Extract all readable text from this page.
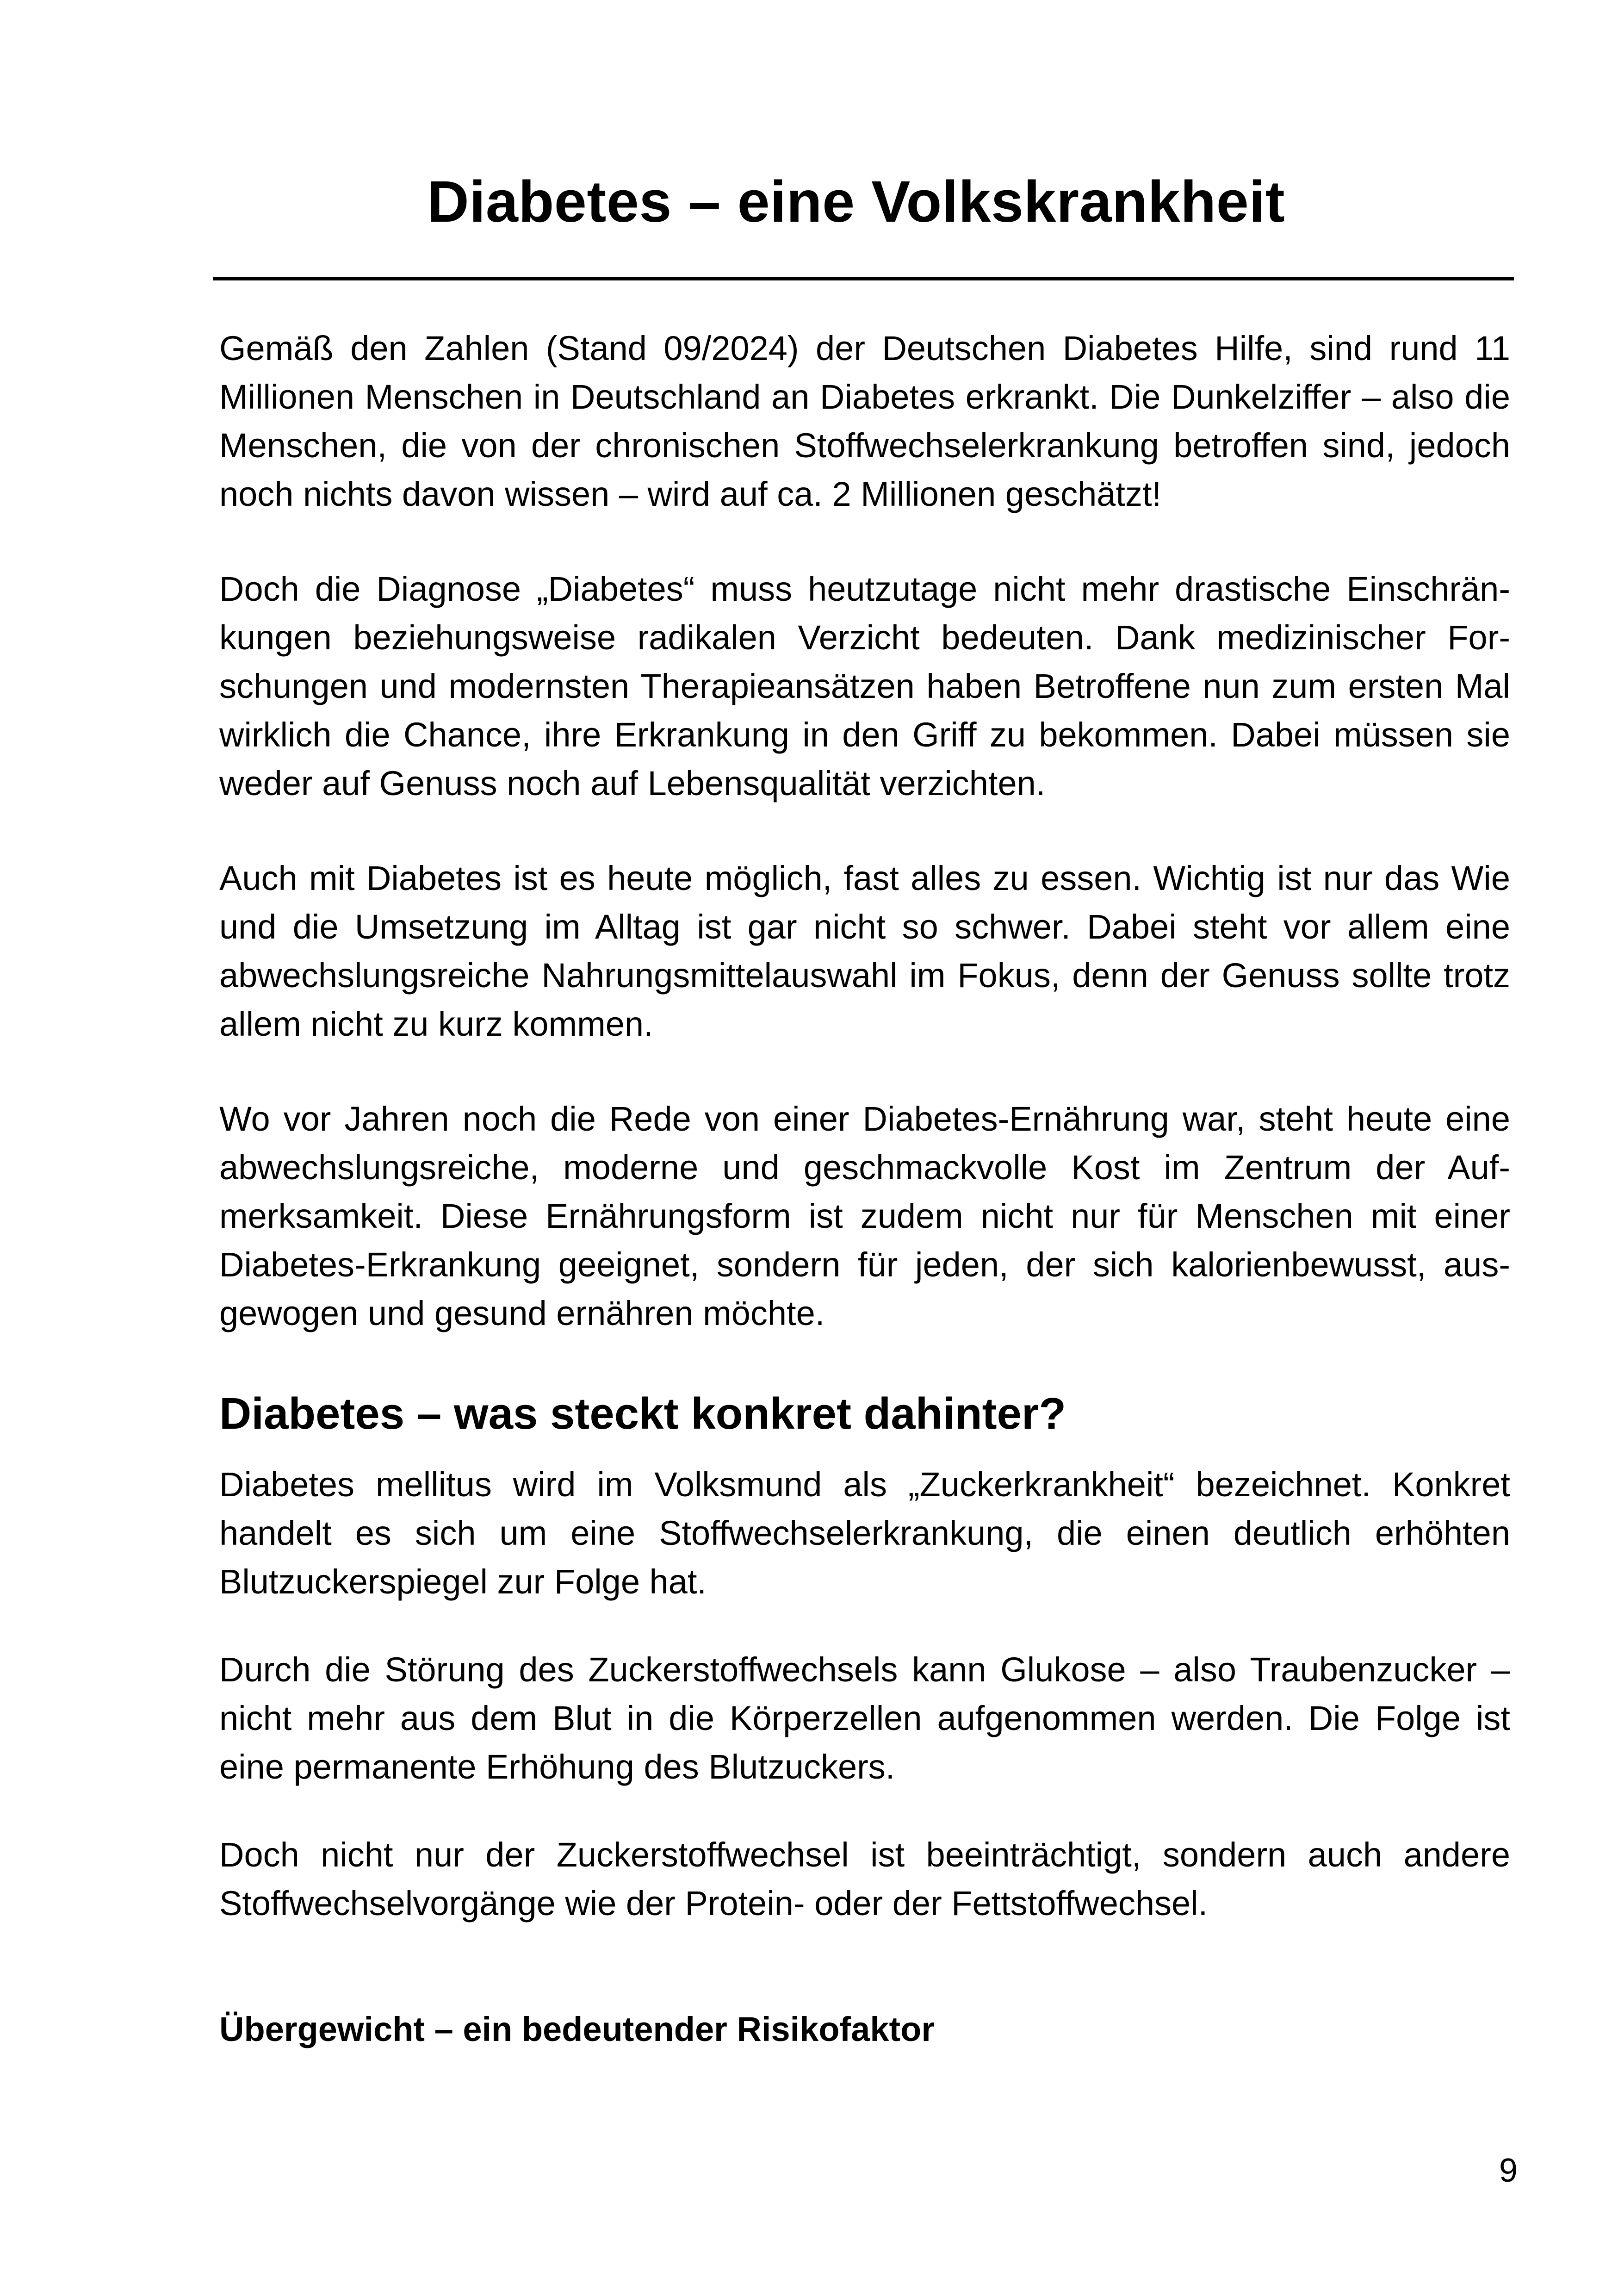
Diabetes – eine Volkskrankheit

Gemäß den Zahlen (Stand 09/2024) der Deutschen Diabetes Hilfe, sind rund 11 Millionen Menschen in Deutschland an Diabetes erkrankt. Die Dunkelziffer – also die Menschen, die von der chronischen Stoffwechselerkrankung betroffen sind, jedoch noch nichts davon wissen – wird auf ca. 2 Millionen geschätzt!

Doch die Diagnose „Diabetes“ muss heutzutage nicht mehr drastische Einschränkungen beziehungsweise radikalen Verzicht bedeuten. Dank medizinischer Forschungen und modernsten Therapieansätzen haben Betroffene nun zum ersten Mal wirklich die Chance, ihre Erkrankung in den Griff zu bekommen. Dabei müssen sie weder auf Genuss noch auf Lebensqualität verzichten.

Auch mit Diabetes ist es heute möglich, fast alles zu essen. Wichtig ist nur das Wie und die Umsetzung im Alltag ist gar nicht so schwer. Dabei steht vor allem eine abwechslungsreiche Nahrungsmittelauswahl im Fokus, denn der Genuss sollte trotz allem nicht zu kurz kommen.

Wo vor Jahren noch die Rede von einer Diabetes-Ernährung war, steht heute eine abwechslungsreiche, moderne und geschmackvolle Kost im Zentrum der Aufmerksamkeit. Diese Ernährungsform ist zudem nicht nur für Menschen mit einer Diabetes-Erkrankung geeignet, sondern für jeden, der sich kalorienbewusst, ausgewogen und gesund ernähren möchte.

Diabetes – was steckt konkret dahinter?

Diabetes mellitus wird im Volksmund als „Zuckerkrankheit“ bezeichnet. Konkret handelt es sich um eine Stoffwechselerkrankung, die einen deutlich erhöhten Blutzuckerspiegel zur Folge hat.

Durch die Störung des Zuckerstoffwechsels kann Glukose – also Traubenzucker – nicht mehr aus dem Blut in die Körperzellen aufgenommen werden. Die Folge ist eine permanente Erhöhung des Blutzuckers.

Doch nicht nur der Zuckerstoffwechsel ist beeinträchtigt, sondern auch andere Stoffwechselvorgänge wie der Protein- oder der Fettstoffwechsel.

Übergewicht – ein bedeutender Risikofaktor
9
